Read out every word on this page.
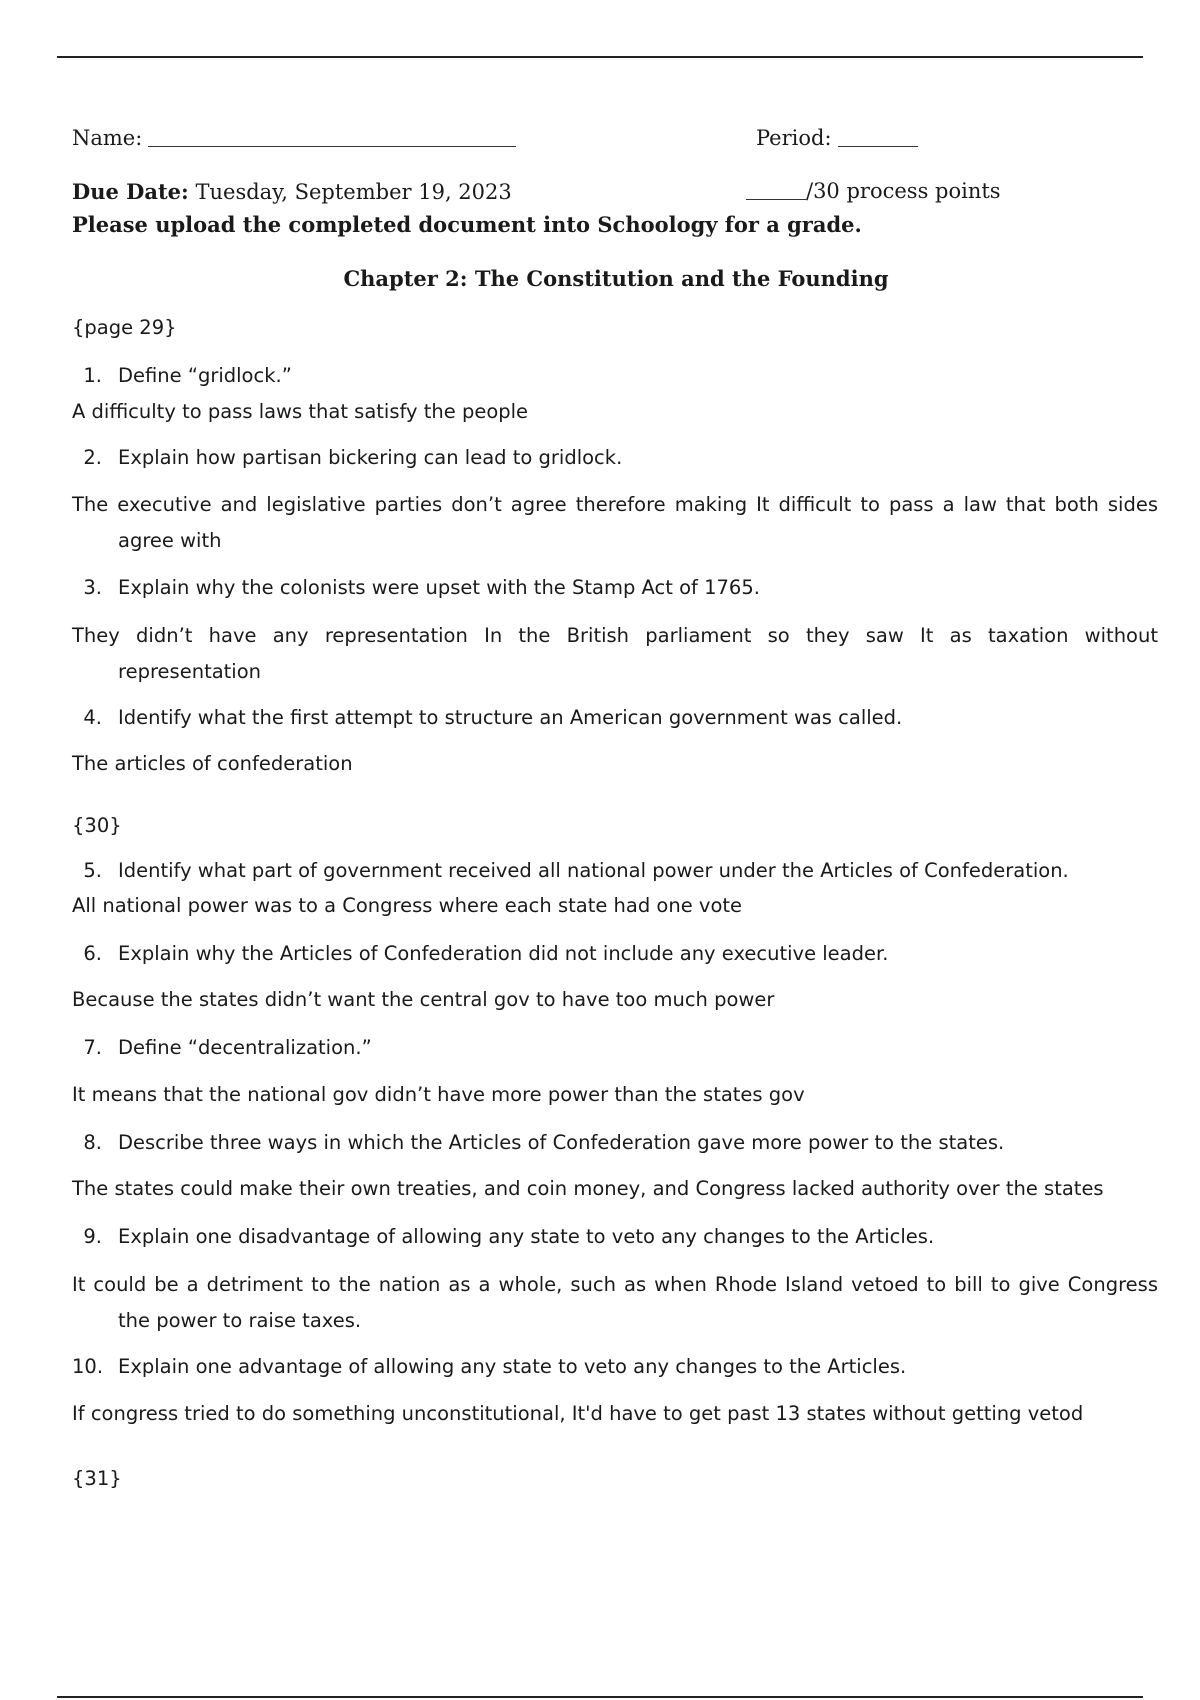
Name:	Period:
Due Date: Tuesday, September 19, 2023	/30 process points
Please upload the completed document into Schoology for a grade.
Chapter 2: The Constitution and the Founding
{page 29}
1. Define “gridlock.”
A difficulty to pass laws that satisfy the people
2. Explain how partisan bickering can lead to gridlock.
The executive and legislative parties don’t agree therefore making It difficult to pass a law that both sides
agree with
3. Explain why the colonists were upset with the Stamp Act of 1765.
They didn’t have any representation In the British parliament so they saw It as taxation without
representation
4. Identify what the first attempt to structure an American government was called.
The articles of confederation
{30}
5. Identify what part of government received all national power under the Articles of Confederation.
All national power was to a Congress where each state had one vote
6. Explain why the Articles of Confederation did not include any executive leader.
Because the states didn’t want the central gov to have too much power
7. Define “decentralization.”
It means that the national gov didn’t have more power than the states gov
8. Describe three ways in which the Articles of Confederation gave more power to the states.
The states could make their own treaties, and coin money, and Congress lacked authority over the states
9. Explain one disadvantage of allowing any state to veto any changes to the Articles.
It could be a detriment to the nation as a whole, such as when Rhode Island vetoed to bill to give Congress
the power to raise taxes.
10. Explain one advantage of allowing any state to veto any changes to the Articles.
If congress tried to do something unconstitutional, It'd have to get past 13 states without getting vetod
{31}
